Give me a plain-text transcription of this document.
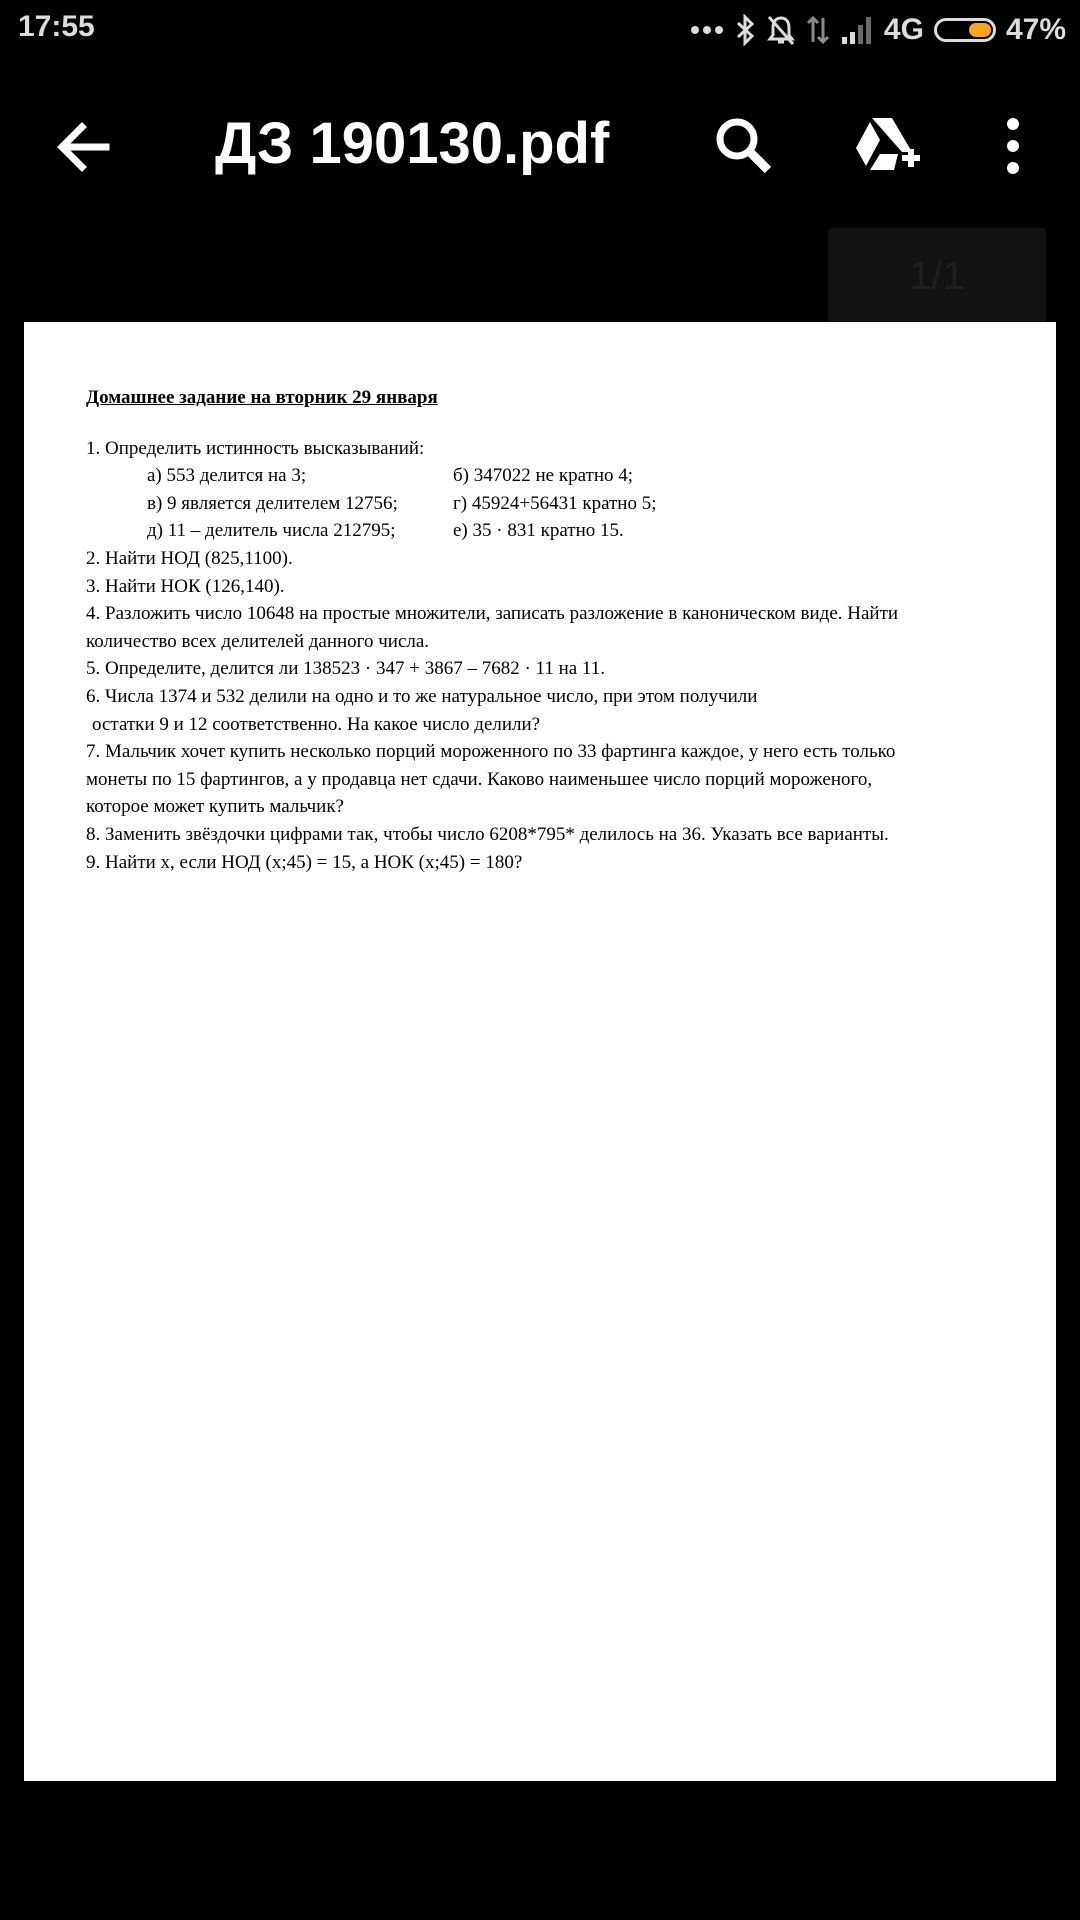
17:55	4G	47%
ДЗ 190130.pdf
1/1
Домашнее задание на вторник 29 января
1. Определить истинность высказываний:
а) 553 делится на 3;	б) 347022 не кратно 4;
в) 9 является делителем 12756;	г) 45924+56431 кратно 5;
д) 11 – делитель числа 212795;	е) 35 · 831 кратно 15.
2. Найти НОД (825,1100).
3. Найти НОК (126,140).
4. Разложить число 10648 на простые множители, записать разложение в каноническом виде. Найти
количество всех делителей данного числа.
5. Определите, делится ли 138523 · 347 + 3867 – 7682 · 11 на 11.
6. Числа 1374 и 532 делили на одно и то же натуральное число, при этом получили
остатки 9 и 12 соответственно. На какое число делили?
7. Мальчик хочет купить несколько порций мороженного по 33 фартинга каждое, у него есть только
монеты по 15 фартингов, а у продавца нет сдачи. Каково наименьшее число порций мороженого,
которое может купить мальчик?
8. Заменить звёздочки цифрами так, чтобы число 6208*795* делилось на 36. Указать все варианты.
9. Найти х, если НОД (х;45) = 15, а НОК (х;45) = 180?
